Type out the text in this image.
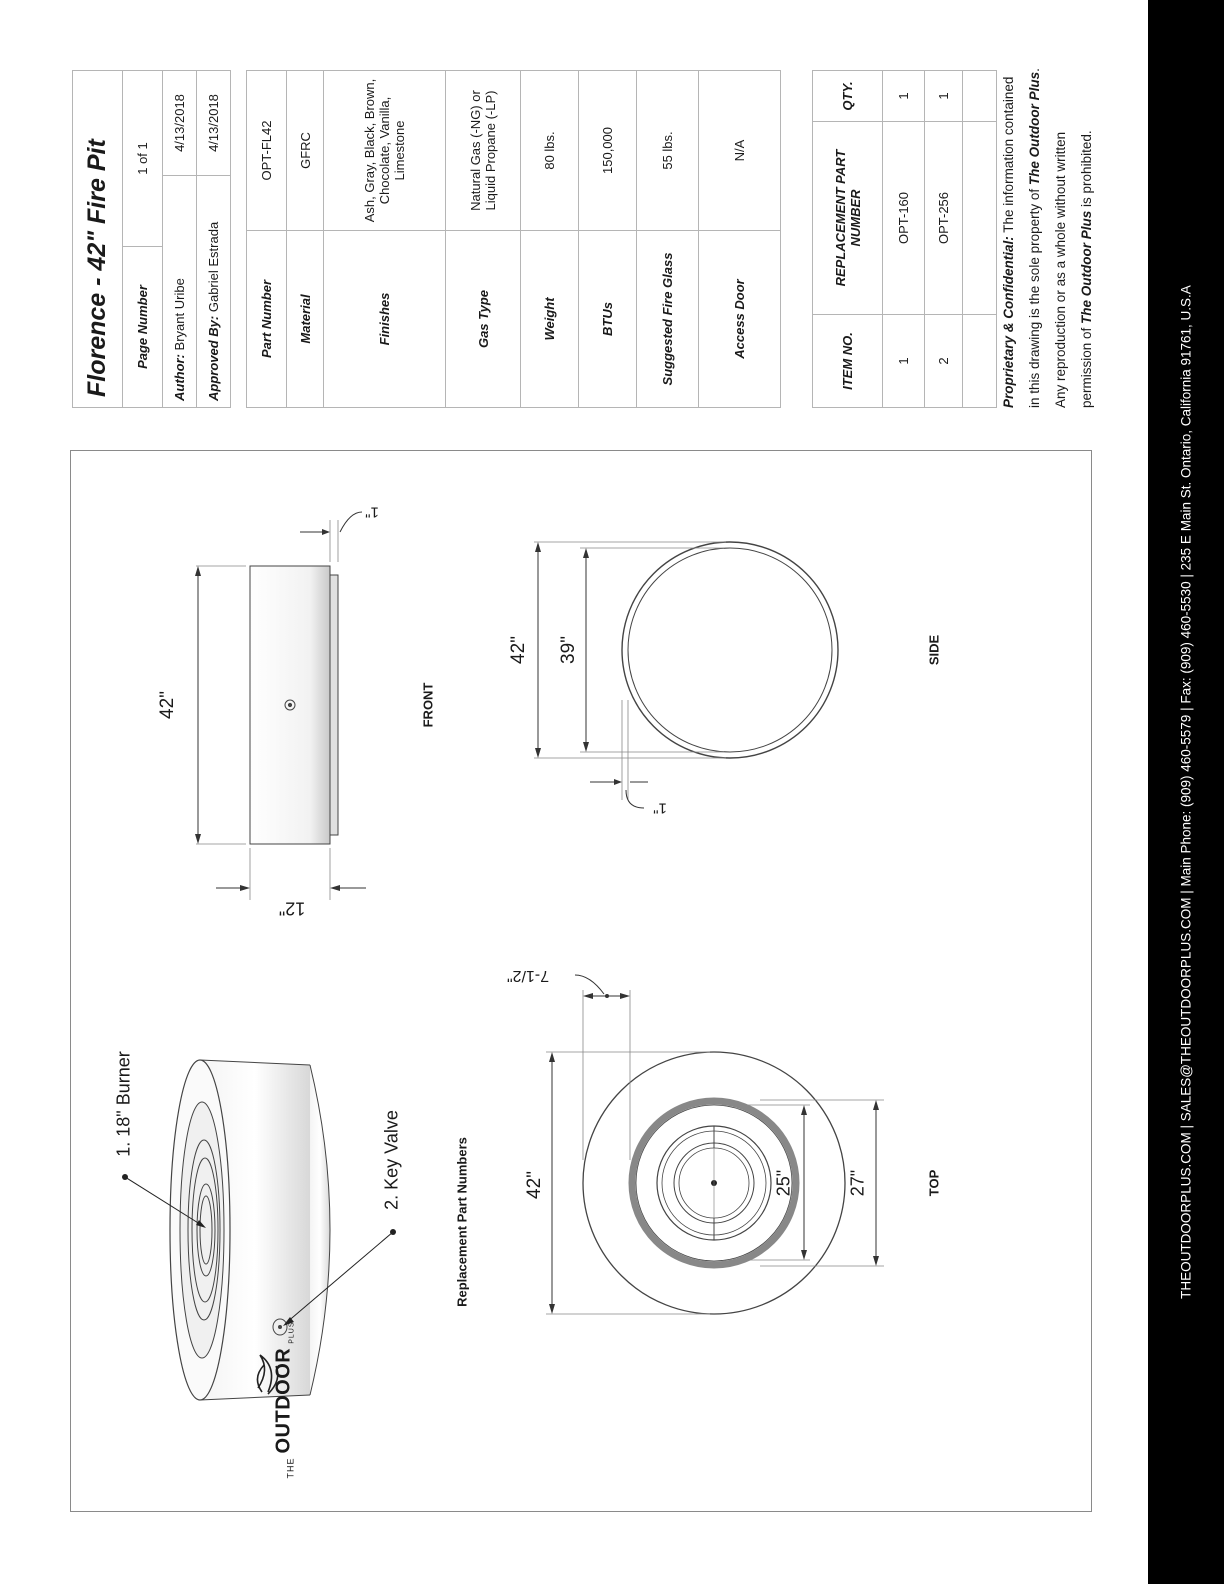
42"
12"
1"
FRONT
42" 39"
1"
SIDE
42"
7-1/2"
25"	27"	TOP
1. 18" Burner
2. Key Valve	Replacement Part Numbers
THE
OUTDOOR
PLUS
Florence - 42" Fire Pit		
Page Number	1 of 1	
Author: Bryant Uribe		4/13/2018
Approved By: Gabriel Estrada		4/13/2018
Part Number	OPT-FL42
Material	GFRC
Finishes	Ash, Gray, Black, Brown, Chocolate, Vanilla, Limestone
Gas Type	Natural Gas (-NG) or Liquid Propane (-LP)
Weight	80 lbs.
BTUs	150,000
Suggested Fire Glass	55 lbs.
Access Door	N/A
ITEM NO.	REPLACEMENT PART NUMBER	QTY.
1	OPT-160	1
2	OPT-256	1

Proprietary & Confidential: The information contained in this drawing is the sole property of The Outdoor Plus. Any reproduction or as a whole without written permission of The Outdoor Plus is prohibited.
THEOUTDOORPLUS.COM | SALES@THEOUTDOORPLUS.COM | Main Phone: (909) 460-5579 | Fax: (909) 460-5530 | 235 E Main St. Ontario, California 91761, U.S.A
